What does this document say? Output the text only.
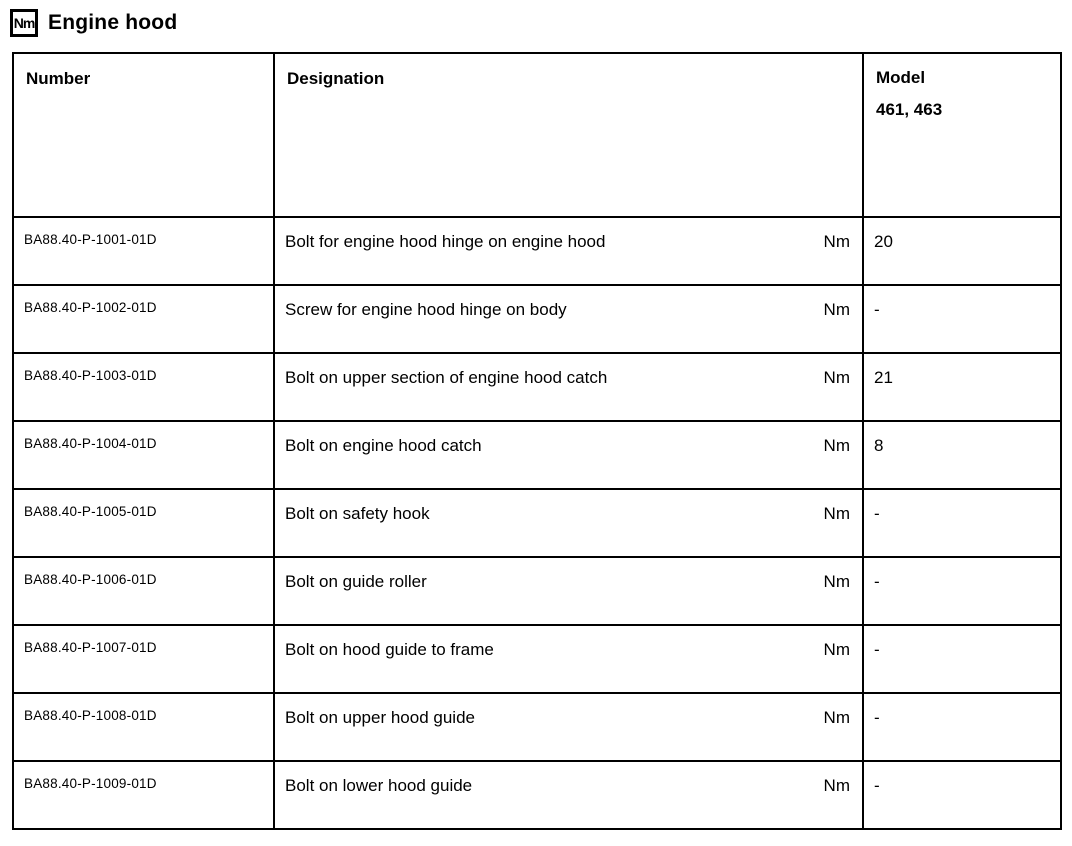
Nm Engine hood
Number	Designation	Model
461, 463

BA88.40-P-1001-01D	Bolt for engine hood hinge on engine hood Nm	20
BA88.40-P-1002-01D	Screw for engine hood hinge on body Nm	-
BA88.40-P-1003-01D	Bolt on upper section of engine hood catch Nm	21
BA88.40-P-1004-01D	Bolt on engine hood catch Nm	8
BA88.40-P-1005-01D	Bolt on safety hook Nm	-
BA88.40-P-1006-01D	Bolt on guide roller Nm	-
BA88.40-P-1007-01D	Bolt on hood guide to frame Nm	-
BA88.40-P-1008-01D	Bolt on upper hood guide Nm	-
BA88.40-P-1009-01D	Bolt on lower hood guide Nm	-
